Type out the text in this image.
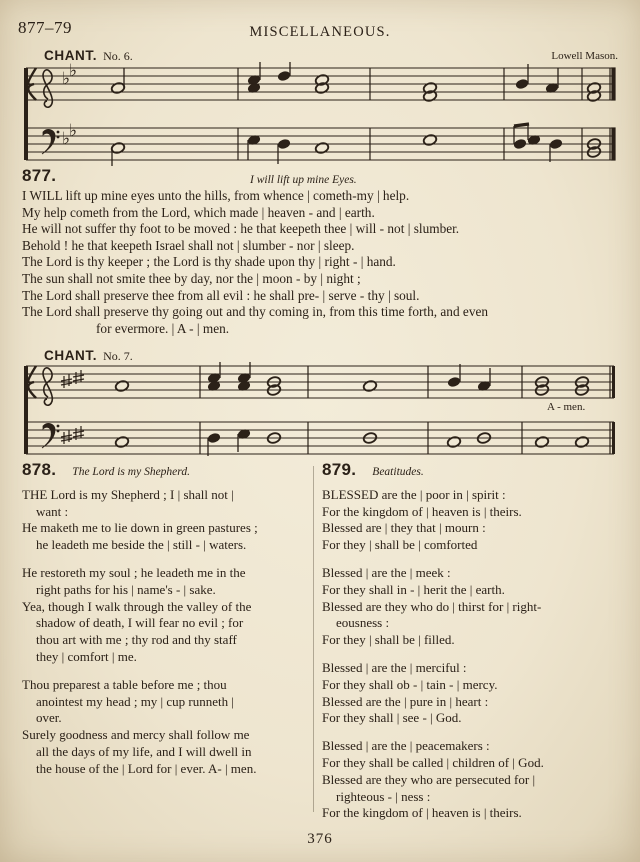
877–79	MISCELLANEOUS.
CHANT. No. 6.	Lowell Mason.
♭
♭
♭
♭
877.	I will lift up mine Eyes.

I WILL lift up mine eyes unto the hills, from whence | cometh-my | help.

My help cometh from the Lord, which made | heaven - and | earth.

He will not suffer thy foot to be moved : he that keepeth thee | will - not | slumber.

Behold ! he that keepeth Israel shall not | slumber - nor | sleep.

The Lord is thy keeper ; the Lord is thy shade upon thy | right - | hand.

The sun shall not smite thee by day, nor the | moon - by | night ;

The Lord shall preserve thee from all evil : he shall pre- | serve - thy | soul.

The Lord shall preserve thy going out and thy coming in, from this time forth, and even

for evermore. | A - | men.

CHANT. No. 7.
A - men.
878. The Lord is my Shepherd.

THE Lord is my Shepherd ; I | shall not |

want :

He maketh me to lie down in green pastures ;

he leadeth me beside the | still - | waters.

He restoreth my soul ; he leadeth me in the

right paths for his | name's - | sake.

Yea, though I walk through the valley of the

shadow of death, I will fear no evil ; for

thou art with me ; thy rod and thy staff

they | comfort | me.

Thou preparest a table before me ; thou

anointest my head ; my | cup runneth |

over.

Surely goodness and mercy shall follow me

all the days of my life, and I will dwell in

the house of the | Lord for | ever. A- | men.

879. Beatitudes.

BLESSED are the | poor in | spirit :

For the kingdom of | heaven is | theirs.

Blessed are | they that | mourn :

For they | shall be | comforted

Blessed | are the | meek :

For they shall in - | herit the | earth.

Blessed are they who do | thirst for | right-

eousness :

For they | shall be | filled.

Blessed | are the | merciful :

For they shall ob - | tain - | mercy.

Blessed are the | pure in | heart :

For they shall | see - | God.

Blessed | are the | peacemakers :

For they shall be called | children of | God.

Blessed are they who are persecuted for |

righteous - | ness :

For the kingdom of | heaven is | theirs.

376
